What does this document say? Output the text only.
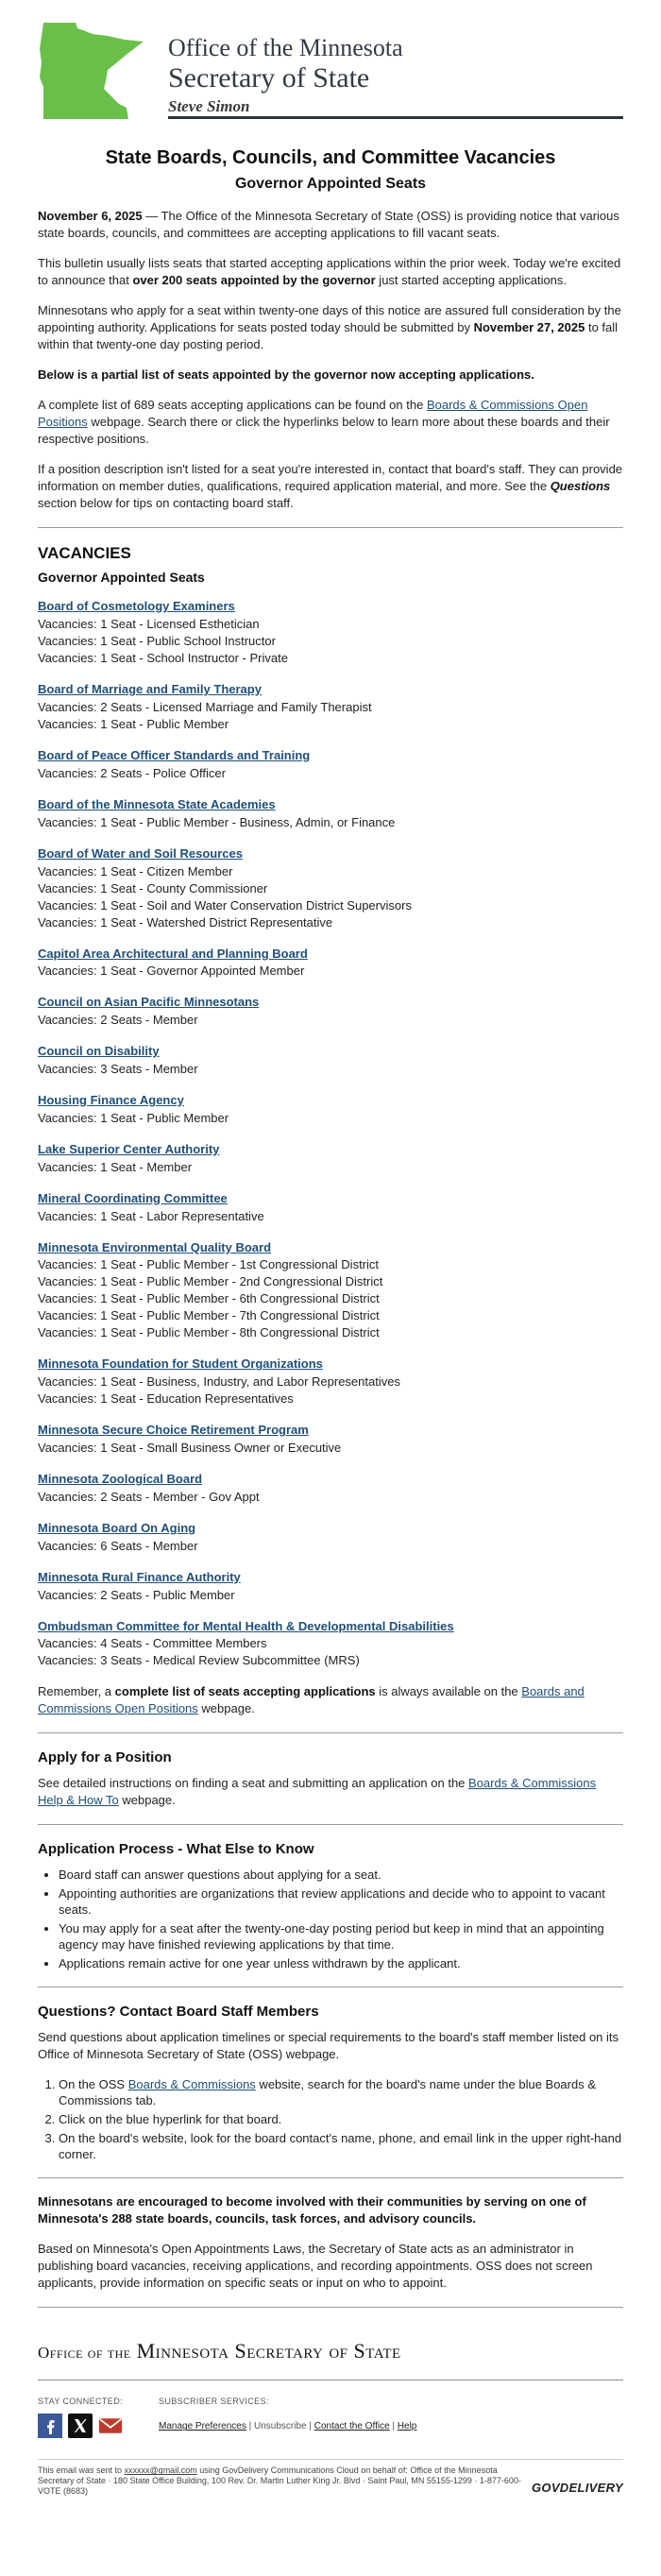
Office of the Minnesota
Secretary of State
Steve Simon
State Boards, Councils, and Committee Vacancies
Governor Appointed Seats

November 6, 2025 — The Office of the Minnesota Secretary of State (OSS) is providing notice that various state boards, councils, and committees are accepting applications to fill vacant seats.

This bulletin usually lists seats that started accepting applications within the prior week. Today we're excited to announce that over 200 seats appointed by the governor just started accepting applications.

Minnesotans who apply for a seat within twenty-one days of this notice are assured full consideration by the appointing authority. Applications for seats posted today should be submitted by November 27, 2025 to fall within that twenty-one day posting period.

Below is a partial list of seats appointed by the governor now accepting applications.

A complete list of 689 seats accepting applications can be found on the Boards & Commissions Open Positions webpage. Search there or click the hyperlinks below to learn more about these boards and their respective positions.

If a position description isn't listed for a seat you're interested in, contact that board's staff. They can provide information on member duties, qualifications, required application material, and more. See the Questions section below for tips on contacting board staff.

VACANCIES
Governor Appointed Seats
Board of Cosmetology Examiners
Vacancies: 1 Seat - Licensed Esthetician
Vacancies: 1 Seat - Public School Instructor
Vacancies: 1 Seat - School Instructor - Private
Board of Marriage and Family Therapy
Vacancies: 2 Seats - Licensed Marriage and Family Therapist
Vacancies: 1 Seat - Public Member
Board of Peace Officer Standards and Training
Vacancies: 2 Seats - Police Officer
Board of the Minnesota State Academies
Vacancies: 1 Seat - Public Member - Business, Admin, or Finance
Board of Water and Soil Resources
Vacancies: 1 Seat - Citizen Member
Vacancies: 1 Seat - County Commissioner
Vacancies: 1 Seat - Soil and Water Conservation District Supervisors
Vacancies: 1 Seat - Watershed District Representative
Capitol Area Architectural and Planning Board
Vacancies: 1 Seat - Governor Appointed Member
Council on Asian Pacific Minnesotans
Vacancies: 2 Seats - Member
Council on Disability
Vacancies: 3 Seats - Member
Housing Finance Agency
Vacancies: 1 Seat - Public Member
Lake Superior Center Authority
Vacancies: 1 Seat - Member
Mineral Coordinating Committee
Vacancies: 1 Seat - Labor Representative
Minnesota Environmental Quality Board
Vacancies: 1 Seat - Public Member - 1st Congressional District
Vacancies: 1 Seat - Public Member - 2nd Congressional District
Vacancies: 1 Seat - Public Member - 6th Congressional District
Vacancies: 1 Seat - Public Member - 7th Congressional District
Vacancies: 1 Seat - Public Member - 8th Congressional District
Minnesota Foundation for Student Organizations
Vacancies: 1 Seat - Business, Industry, and Labor Representatives
Vacancies: 1 Seat - Education Representatives
Minnesota Secure Choice Retirement Program
Vacancies: 1 Seat - Small Business Owner or Executive
Minnesota Zoological Board
Vacancies: 2 Seats - Member - Gov Appt
Minnesota Board On Aging
Vacancies: 6 Seats - Member
Minnesota Rural Finance Authority
Vacancies: 2 Seats - Public Member
Ombudsman Committee for Mental Health & Developmental Disabilities
Vacancies: 4 Seats - Committee Members
Vacancies: 3 Seats - Medical Review Subcommittee (MRS)

Remember, a complete list of seats accepting applications is always available on the Boards and Commissions Open Positions webpage.

Apply for a Position

See detailed instructions on finding a seat and submitting an application on the Boards & Commissions Help & How To webpage.

Application Process - What Else to Know
• Board staff can answer questions about applying for a seat.
• Appointing authorities are organizations that review applications and decide who to appoint to vacant seats.
• You may apply for a seat after the twenty-one-day posting period but keep in mind that an appointing agency may have finished reviewing applications by that time.
• Applications remain active for one year unless withdrawn by the applicant.
Questions? Contact Board Staff Members

Send questions about application timelines or special requirements to the board's staff member listed on its Office of Minnesota Secretary of State (OSS) webpage.

1. On the OSS Boards & Commissions website, search for the board's name under the blue Boards & Commissions tab.
2. Click on the blue hyperlink for that board.
3. On the board's website, look for the board contact's name, phone, and email link in the upper right-hand corner.

Minnesotans are encouraged to become involved with their communities by serving on one of Minnesota's 288 state boards, councils, task forces, and advisory councils.

Based on Minnesota's Open Appointments Laws, the Secretary of State acts as an administrator in publishing board vacancies, receiving applications, and recording appointments. OSS does not screen applicants, provide information on specific seats or input on who to appoint.

Office of the Minnesota Secretary of State
STAY CONNECTED:	SUBSCRIBER SERVICES:
Manage Preferences | Unsubscribe | Contact the Office | Help
This email was sent to xxxxxx@gmail.com using GovDelivery Communications Cloud on behalf of: Office of the Minnesota Secretary of State · 180 State Office Building, 100 Rev. Dr. Martin Luther King Jr. Blvd · Saint Paul, MN 55155-1299 · 1-877-600-VOTE (8683)	GOVDELIVERY
